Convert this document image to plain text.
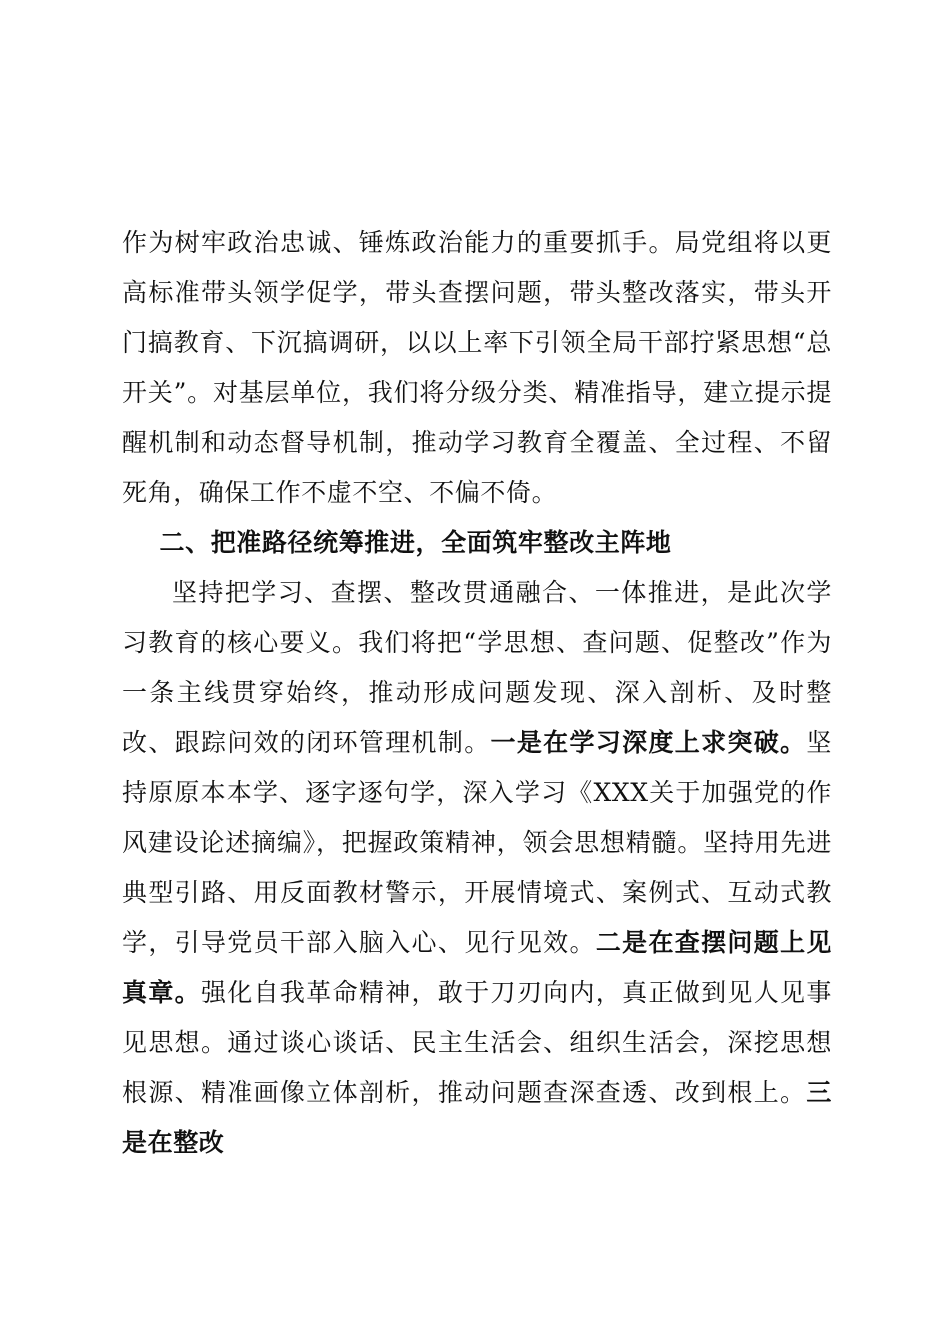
作为树牢政治忠诚、锤炼政治能力的重要抓手。局党组将以更高标准带头领学促学，带头查摆问题，带头整改落实，带头开门搞教育、下沉搞调研，以以上率下引领全局干部拧紧思想“总开关”。对基层单位，我们将分级分类、精准指导，建立提示提醒机制和动态督导机制，推动学习教育全覆盖、全过程、不留死角，确保工作不虚不空、不偏不倚。

二、把准路径统筹推进，全面筑牢整改主阵地

坚持把学习、查摆、整改贯通融合、一体推进，是此次学习教育的核心要义。我们将把“学思想、查问题、促整改”作为一条主线贯穿始终，推动形成问题发现、深入剖析、及时整改、跟踪问效的闭环管理机制。一是在学习深度上求突破。坚持原原本本学、逐字逐句学，深入学习《XXX关于加强党的作风建设论述摘编》，把握政策精神，领会思想精髓。坚持用先进典型引路、用反面教材警示，开展情境式、案例式、互动式教学，引导党员干部入脑入心、见行见效。二是在查摆问题上见真章。强化自我革命精神，敢于刀刃向内，真正做到见人见事见思想。通过谈心谈话、民主生活会、组织生活会，深挖思想根源、精准画像立体剖析，推动问题查深查透、改到根上。三是在整改
